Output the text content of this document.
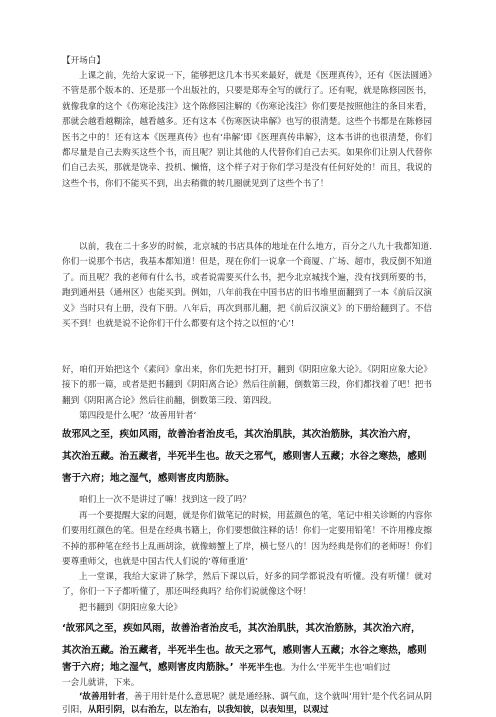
【开场白】

上课之前，先给大家说一下，能够把这几本书买来最好，就是《医理真传》，还有《医法圆通》不管是那个版本的、还是那一个出版社的，只要是郑寿全写的就行了。还有呢，就是陈修园医书，就像我拿的这个《伤寒论浅注》这个陈修园注解的《伤寒论浅注》你们要是按照他注的条目来看，那就会越看越糊涂，越看越多。还有这本《伤寒医诀串解》也写的很清楚。这些个书都是在陈修园医书之中的！还有这本《医理真传》也有‘串解’即《医理真传串解》，这本书讲的也很清楚，你们都尽量是自己去购买这些个书，而且呢？别让其他的人代替你们自己去买。如果你们让别人代替你们自己去买，那就是饶幸、投机、懒惰，这个样子对于你们学习是没有任何好处的！而且，我说的这些个书，你们不能买不到，出去稍微的转几圈就见到了这些个书了！

以前，我在二十多岁的时候，北京城的书店具体的地址在什么地方，百分之八九十我都知道.你们一说那个书店，我基本都知道！但是，现在你们一说拿一个商厦、广场、超市，我反倒不知道了。而且呢？我的老师有什么书，或者说需要买什么书，把今北京城找个遍，没有找到所要的书，跑到通州县（通州区）也能买到。例如，八年前我在中国书店的旧书堆里面翻到了一本《前后汉演义》当时只有上册，没有下册。八年后，再次到那儿翻，把《前后汉演义》的下册给翻到了。不信买不到！也就是说不论你们干什么都要有这个持之以恒的‘心’!

好，咱们开始把这个《素问》拿出来，你们先把书打开，翻到《阴阳应象大论》。《阴阳应象大论》接下的那一篇，或者是把书翻到《阴阳离合论》然后往前翻，倒数第三段，你们都找着了吧！把书翻到《阴阳离合论》然后往前翻，倒数第三段、第四段。

第四段是什么呢？‘故善用针者’

故邪风之至，疾如风雨，故善治者治皮毛，其次治肌肤，其次治筋脉，其次治六府，

其次治五藏。治五藏者，半死半生也。故天之邪气，感则害人五藏；水谷之寒热，感则

害于六府；地之湿气，感则害皮肉筋脉。

咱们上一次不是讲过了嘛！找到这一段了吗？

再一个要提醒大家的问题，就是你们做笔记的时候，用蓝颜色的笔，笔记中相关诊断的内容你们要用红颜色的笔。但是在经典书籍上，你们要想做注释的话！你们一定要用铅笔！不许用橡皮擦不掉的那种笔在经书上乱画胡涂，就像螃蟹上了岸，横七竖八的！因为经典是你们的老师呀！你们要尊重师父，也就是中国古代人们说的‘尊师重道’

上一堂课，我给大家讲了脉学，然后下课以后，好多的同学都说没有听懂。没有听懂！就对了，你们一下子都听懂了，那还叫经典吗？给你们说就像这个呀！

把书翻到《阴阳应象大论》

‘故邪风之至，疾如风雨，故善治者治皮毛，其次治肌肤，其次治筋脉，其次治六府，

其次治五藏。治五藏者，半死半生也。故天之邪气，感则害人五藏；水谷之寒热，感则

害于六府；地之湿气，感则害皮肉筋脉。’ 半死半生也。为什么‘半死半生也’咱们过

一会儿就讲，下来。

‘故善用针者，善于用针是什么意思呢？就是通经脉、调气血，这个就叫‘用针’是个代名词从阴引阳，从阳引阴，以右治左，以左治右，以我知彼，以表知里，以观过
